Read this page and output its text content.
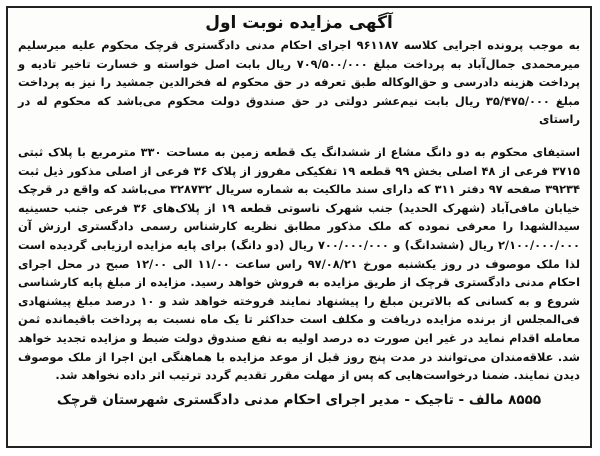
آگهی مزایده نوبت اول

به موجب پرونده اجرایی کلاسه ۹۶۱۱۸۷ اجرای احکام مدنی دادگستری قرچک محکوم علیه میرسلیم میرمحمدی جمال‌آباد به پرداخت مبلغ ۷۰۹/۵۰۰/۰۰۰ ریال بابت اصل خواسته و خسارت تاخیر تادیه و پرداخت هزینه دادرسی و حق‌الوکاله طبق تعرفه در حق محکوم له فخرالدین جمشید را نیز به پرداخت مبلغ ۳۵/۴۷۵/۰۰۰ ریال بابت نیم‌عشر دولتی در حق صندوق دولت محکوم می‌باشد که محکوم له در راستای

استیفای محکوم به دو دانگ مشاع از ششدانگ یک قطعه زمین به مساحت ۳۳۰ مترمربع با پلاک ثبتی ۳۷۱۵ فرعی از ۴۸ اصلی بخش ۹۹ قطعه ۱۹ تفکیکی مفروز از پلاک ۳۶ فرعی از اصلی مذکور ذیل ثبت ۳۹۲۳۴ صفحه ۹۷ دفتر ۳۱۱ که دارای سند مالکیت به شماره سریال ۳۲۸۷۳۲ می‌باشد که واقع در قرچک خیابان مافی‌آباد (شهرک الحدید) جنب شهرک ناسوتی قطعه ۱۹ از پلاک‌های ۳۶ فرعی جنب حسینیه سیدالشهدا را معرفی نموده که ملک مذکور مطابق نظریه کارشناس رسمی دادگستری ارزش آن ۲/۱۰۰/۰۰۰/۰۰۰ ریال (ششدانگ) و ۷۰۰/۰۰۰/۰۰۰ ریال (دو دانگ) برای پایه مزایده ارزیابی گردیده است لذا ملک موصوف در روز یکشنبه مورخ ۹۷/۰۸/۲۱ راس ساعت ۱۱/۰۰ الی ۱۲/۰۰ صبح در محل اجرای احکام مدنی دادگستری قرچک از طریق مزایده به فروش خواهد رسید. مزایده از مبلغ پایه کارشناسی شروع و به کسانی که بالاترین مبلغ را پیشنهاد نمایند فروخته خواهد شد و ۱۰ درصد مبلغ پیشنهادی فی‌المجلس از برنده مزایده دریافت و مکلف است حداکثر تا یک ماه نسبت به پرداخت باقیمانده ثمن معامله اقدام نماید در غیر این صورت ده درصد اولیه به نفع صندوق دولت ضبط و مزایده تجدید خواهد شد. علاقه‌مندان می‌توانند در مدت پنج روز قبل از موعد مزایده با هماهنگی این اجرا از ملک موصوف دیدن نمایند. ضمنا درخواست‌هایی که پس از مهلت مقرر تقدیم گردد ترتیب اثر داده نخواهد شد.

۸۵۵۵ مالف - تاجیک - مدیر اجرای احکام مدنی دادگستری شهرستان قرچک
